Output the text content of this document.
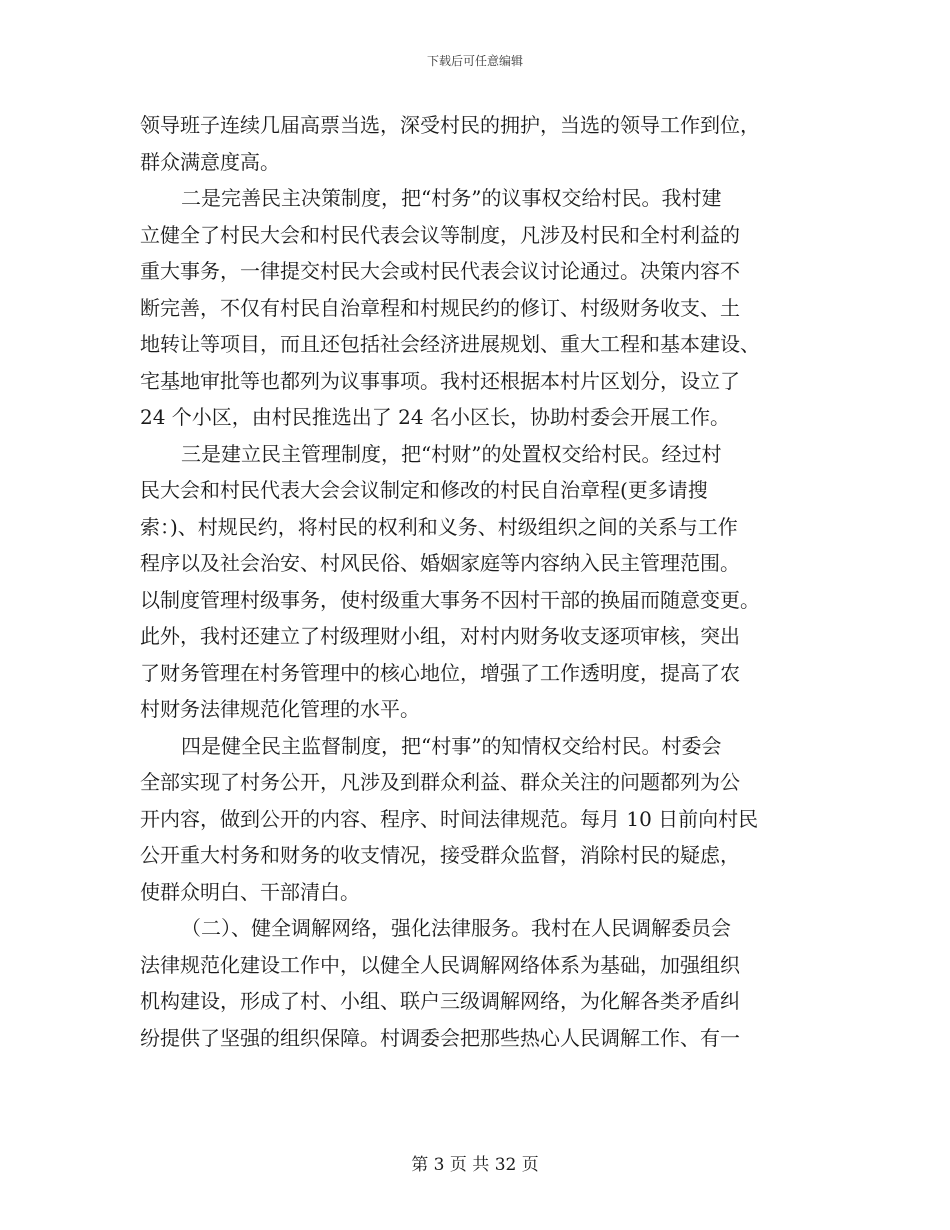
下载后可任意编辑
领导班子连续几届高票当选，深受村民的拥护，当选的领导工作到位，
群众满意度高。
二是完善民主决策制度，把“村务”的议事权交给村民。我村建
立健全了村民大会和村民代表会议等制度，凡涉及村民和全村利益的
重大事务，一律提交村民大会或村民代表会议讨论通过。决策内容不
断完善，不仅有村民自治章程和村规民约的修订、村级财务收支、土
地转让等项目，而且还包括社会经济进展规划、重大工程和基本建设、
宅基地审批等也都列为议事事项。我村还根据本村片区划分，设立了
24 个小区，由村民推选出了 24 名小区长，协助村委会开展工作。
三是建立民主管理制度，把“村财”的处置权交给村民。经过村
民大会和村民代表大会会议制定和修改的村民自治章程(更多请搜
索：)、村规民约，将村民的权利和义务、村级组织之间的关系与工作
程序以及社会治安、村风民俗、婚姻家庭等内容纳入民主管理范围。
以制度管理村级事务，使村级重大事务不因村干部的换届而随意变更。
此外，我村还建立了村级理财小组，对村内财务收支逐项审核，突出
了财务管理在村务管理中的核心地位，增强了工作透明度，提高了农
村财务法律规范化管理的水平。
四是健全民主监督制度，把“村事”的知情权交给村民。村委会
全部实现了村务公开，凡涉及到群众利益、群众关注的问题都列为公
开内容，做到公开的内容、程序、时间法律规范。每月 10 日前向村民
公开重大村务和财务的收支情况，接受群众监督，消除村民的疑虑，
使群众明白、干部清白。
（二）、健全调解网络，强化法律服务。我村在人民调解委员会
法律规范化建设工作中，以健全人民调解网络体系为基础，加强组织
机构建设，形成了村、小组、联户三级调解网络，为化解各类矛盾纠
纷提供了坚强的组织保障。村调委会把那些热心人民调解工作、有一
第 3 页 共 32 页
